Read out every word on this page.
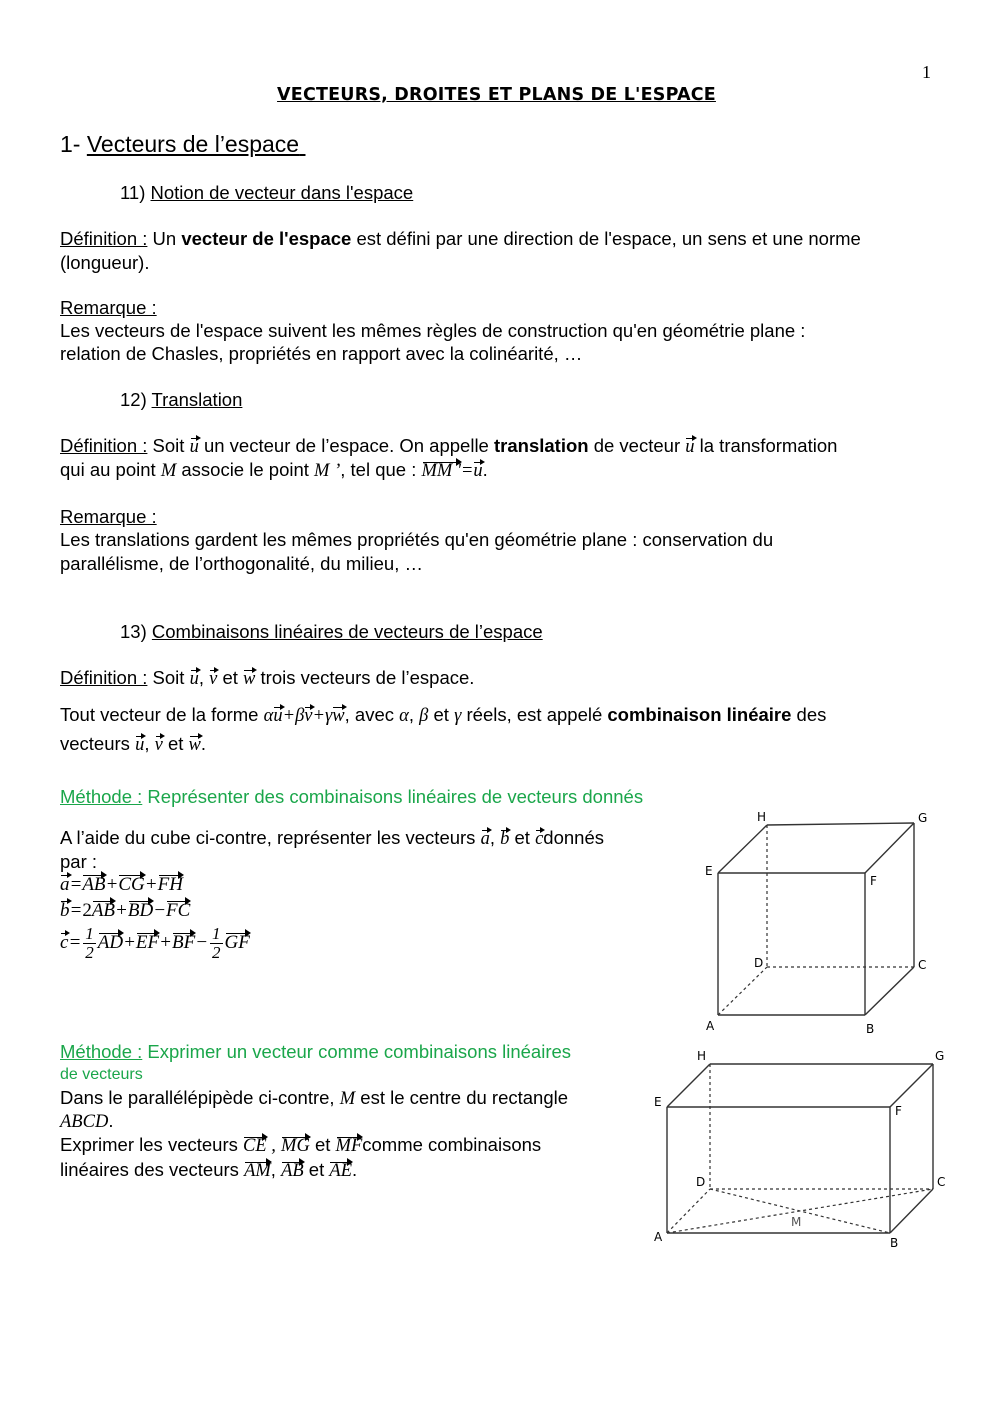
1
VECTEURS, DROITES ET PLANS DE L'ESPACE
1- Vecteurs de l’espace
11) Notion de vecteur dans l'espace
Définition : Un vecteur de l'espace est défini par une direction de l'espace, un sens et une norme
(longueur).
Remarque :
Les vecteurs de l'espace suivent les mêmes règles de construction qu'en géométrie plane :
relation de Chasles, propriétés en rapport avec la colinéarité, …
12) Translation
Définition : Soit u un vecteur de l’espace. On appelle translation de vecteur u la transformation
qui au point M associe le point M ’, tel que : MM '=u.
Remarque :
Les translations gardent les mêmes propriétés qu'en géométrie plane : conservation du
parallélisme, de l’orthogonalité, du milieu, …
13) Combinaisons linéaires de vecteurs de l’espace
Définition : Soit u, v et w trois vecteurs de l’espace.
Tout vecteur de la forme αu+βv+γw, avec α, β et γ réels, est appelé combinaison linéaire des
vecteurs u, v et w.
Méthode : Représenter des combinaisons linéaires de vecteurs donnés
A l’aide du cube ci-contre, représenter les vecteurs a, b et cdonnés
par :
a=AB+CG+FH
b=2AB+BD−FC
$c= \frac{1}{2} AD+EF+BF- \frac{1}{2}$ GF
H	G
E
F
D	C
A	B
Méthode : Exprimer un vecteur comme combinaisons linéaires
de vecteurs
Dans le parallélépipède ci-contre, M est le centre du rectangle
ABCD.
Exprimer les vecteurs CE , MG et MFcomme combinaisons
linéaires des vecteurs AM, AB et AE.
H	G
E
F
D	C
M
A	B
